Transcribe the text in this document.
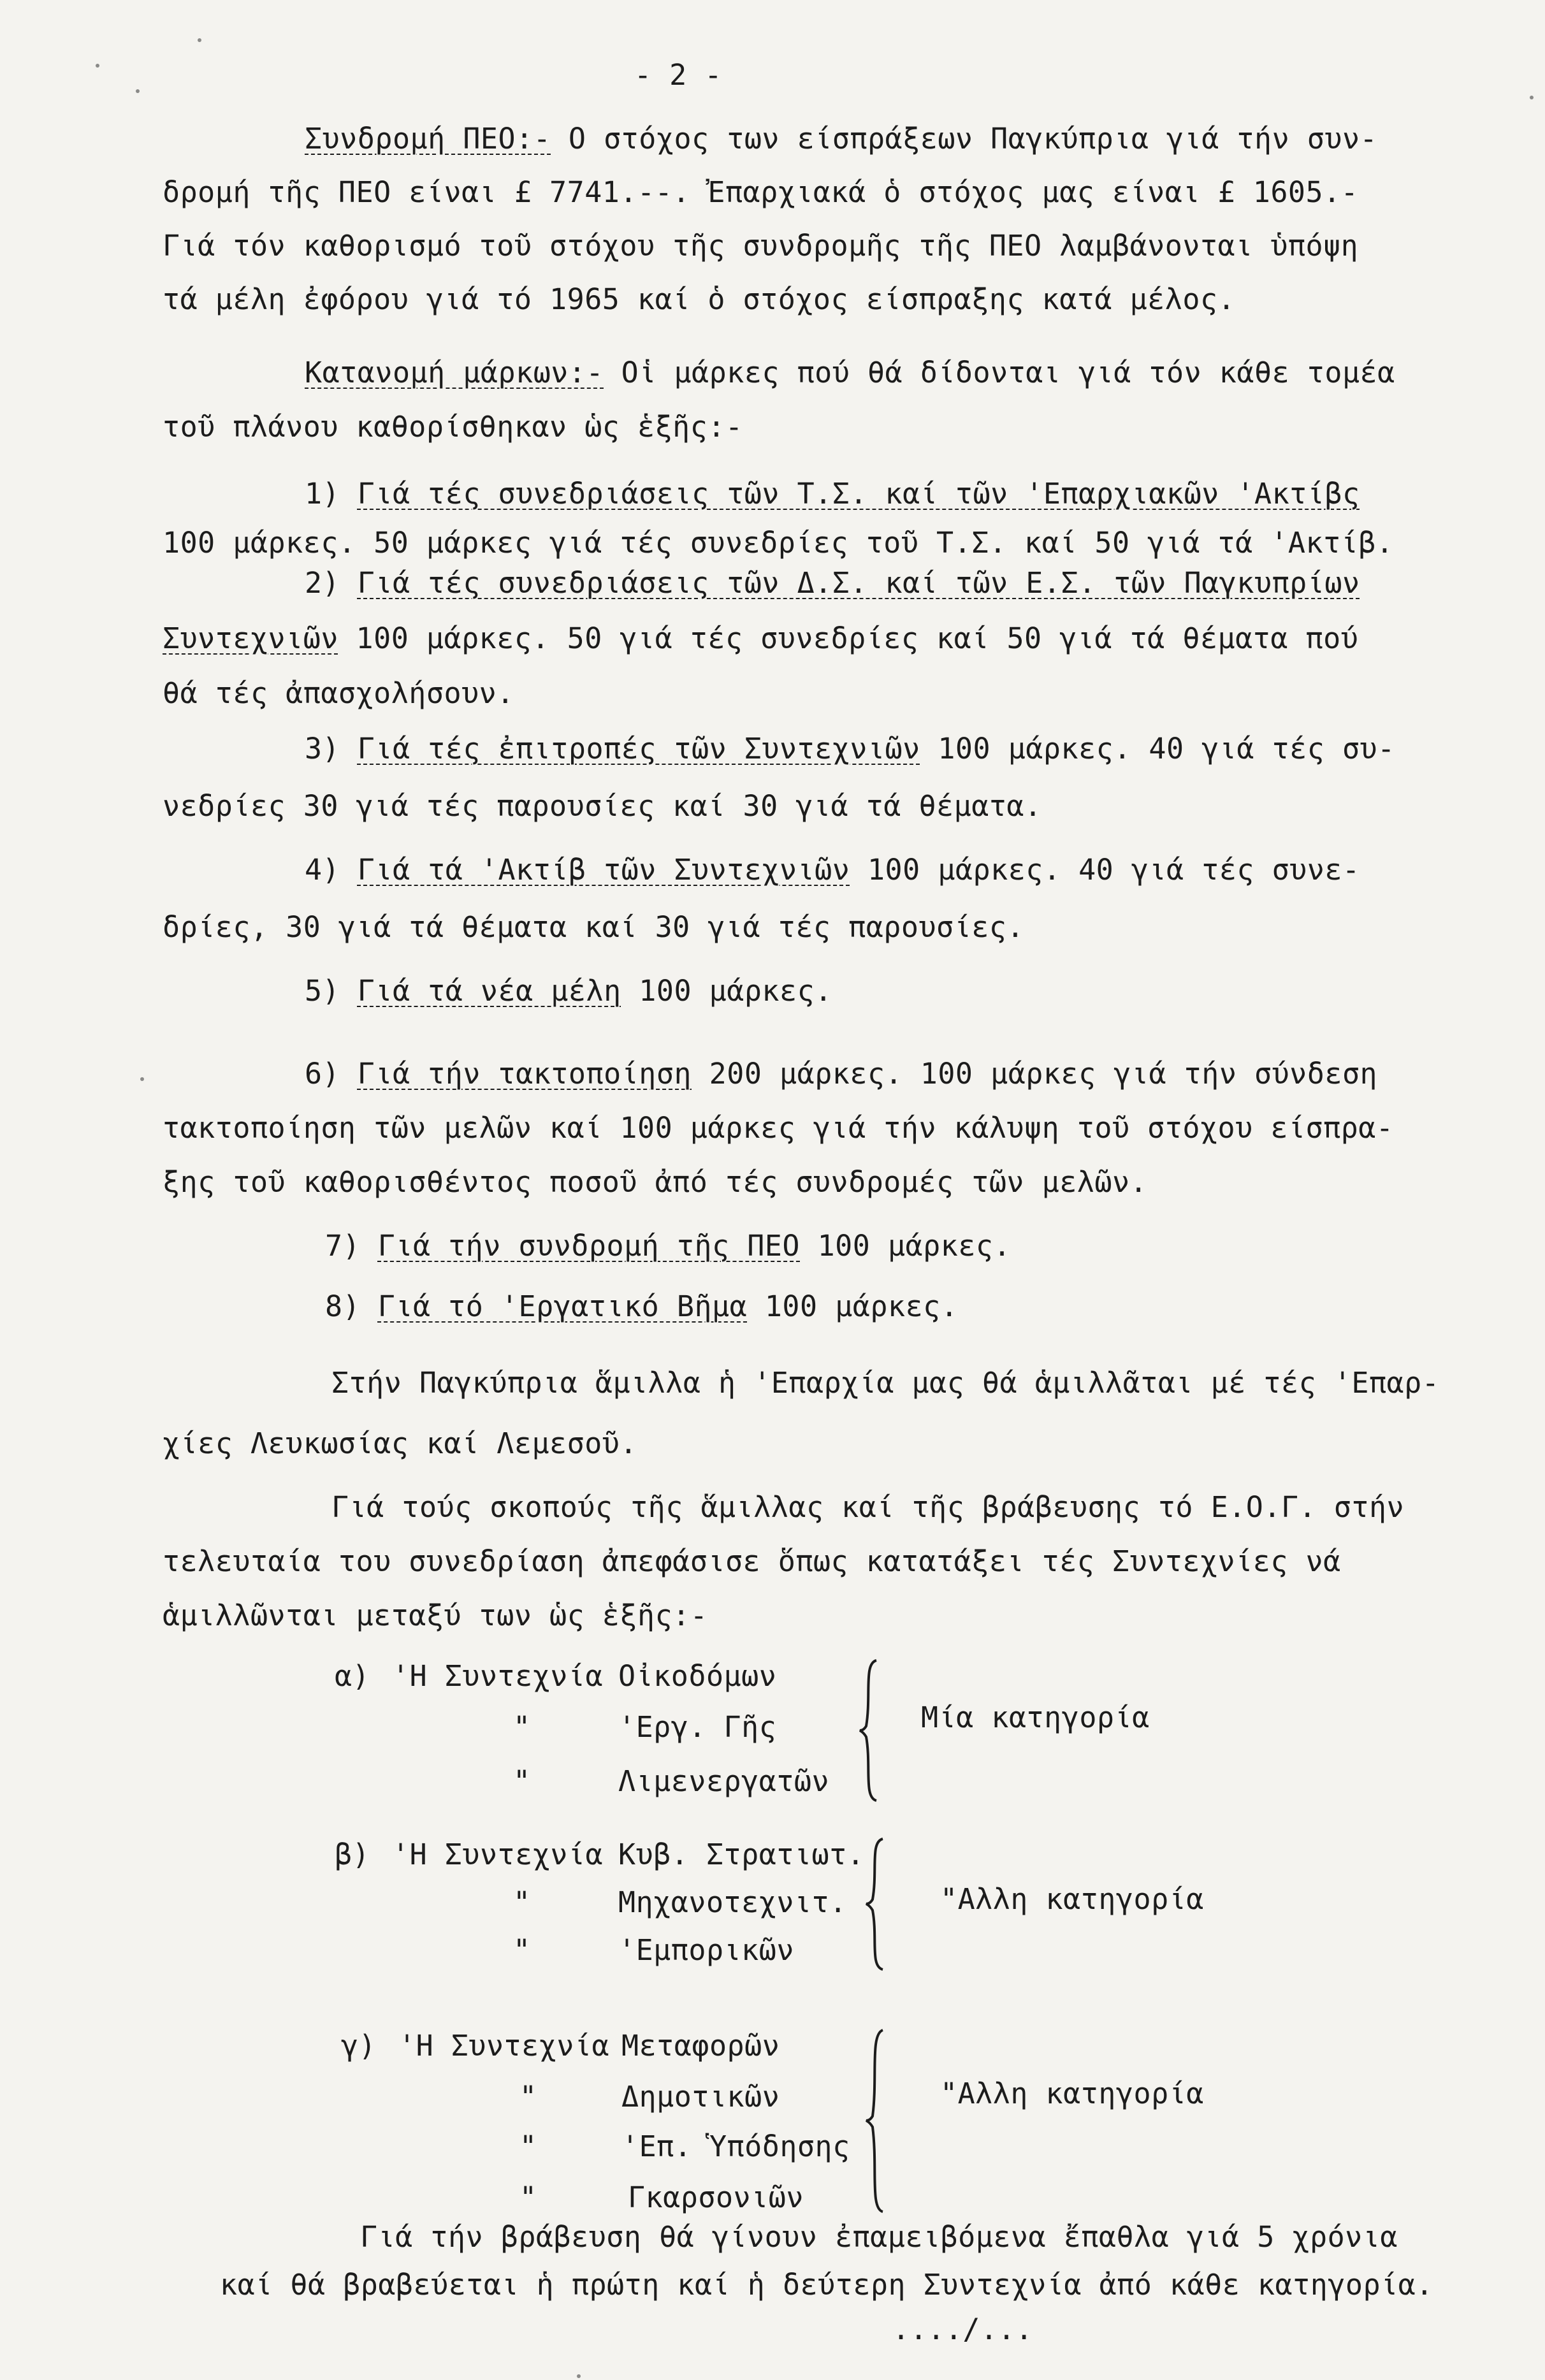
- 2 -
Συνδρομή ΠΕΟ:- Ο στόχος των είσπράξεων Παγκύπρια γιά τήν συν-
δρομή τῆς ΠΕΟ είναι £ 7741.--. Ἐπαρχιακά ὁ στόχος μας είναι £ 1605.-
Γιά τόν καθορισμό τοῦ στόχου τῆς συνδρομῆς τῆς ΠΕΟ λαμβάνονται ὑπόψη
τά μέλη ἐφόρου γιά τό 1965 καί ὁ στόχος είσπραξης κατά μέλος.
Κατανομή μάρκων:- Οἱ μάρκες πού θά δίδονται γιά τόν κάθε τομέα
τοῦ πλάνου καθορίσθηκαν ὡς ἑξῆς:-
1) Γιά τές συνεδριάσεις τῶν Τ.Σ. καί τῶν 'Επαρχιακῶν 'Ακτίβς
100 μάρκες. 50 μάρκες γιά τές συνεδρίες τοῦ Τ.Σ. καί 50 γιά τά 'Ακτίβ.
2) Γιά τές συνεδριάσεις τῶν Δ.Σ. καί τῶν Ε.Σ. τῶν Παγκυπρίων
Συντεχνιῶν 100 μάρκες. 50 γιά τές συνεδρίες καί 50 γιά τά θέματα πού
θά τές ἀπασχολήσουν.
3) Γιά τές ἐπιτροπές τῶν Συντεχνιῶν 100 μάρκες. 40 γιά τές συ-
νεδρίες 30 γιά τές παρουσίες καί 30 γιά τά θέματα.
4) Γιά τά 'Ακτίβ τῶν Συντεχνιῶν 100 μάρκες. 40 γιά τές συνε-
δρίες, 30 γιά τά θέματα καί 30 γιά τές παρουσίες.
5) Γιά τά νέα μέλη 100 μάρκες.
6) Γιά τήν τακτοποίηση 200 μάρκες. 100 μάρκες γιά τήν σύνδεση
τακτοποίηση τῶν μελῶν καί 100 μάρκες γιά τήν κάλυψη τοῦ στόχου είσπρα-
ξης τοῦ καθορισθέντος ποσοῦ ἀπό τές συνδρομές τῶν μελῶν.
7) Γιά τήν συνδρομή τῆς ΠΕΟ 100 μάρκες.
8) Γιά τό 'Εργατικό Βῆμα 100 μάρκες.
Στήν Παγκύπρια ἅμιλλα ἡ 'Επαρχία μας θά ἁμιλλᾶται μέ τές 'Επαρ-
χίες Λευκωσίας καί Λεμεσοῦ.
Γιά τούς σκοπούς τῆς ἅμιλλας καί τῆς βράβευσης τό Ε.Ο.Γ. στήν
τελευταία του συνεδρίαση ἀπεφάσισε ὅπως κατατάξει τές Συντεχνίες νά
ἁμιλλῶνται μεταξύ των ὡς ἑξῆς:-
α) 'Η Συντεχνία Οἰκοδόμων
"	'Εργ. Γῆς
"	Λιμενεργατῶν
Μία κατηγορία
β) 'Η Συντεχνία Κυβ. Στρατιωτ.
"	Μηχανοτεχνιτ.
"	'Εμπορικῶν
"Αλλη κατηγορία
γ) 'Η Συντεχνία Μεταφορῶν
"	Δημοτικῶν
"	'Επ. Ὑπόδησης
"	Γκαρσονιῶν
"Αλλη κατηγορία
Γιά τήν βράβευση θά γίνουν ἐπαμειβόμενα ἔπαθλα γιά 5 χρόνια
καί θά βραβεύεται ἡ πρώτη καί ἡ δεύτερη Συντεχνία ἀπό κάθε κατηγορία.
..../...
